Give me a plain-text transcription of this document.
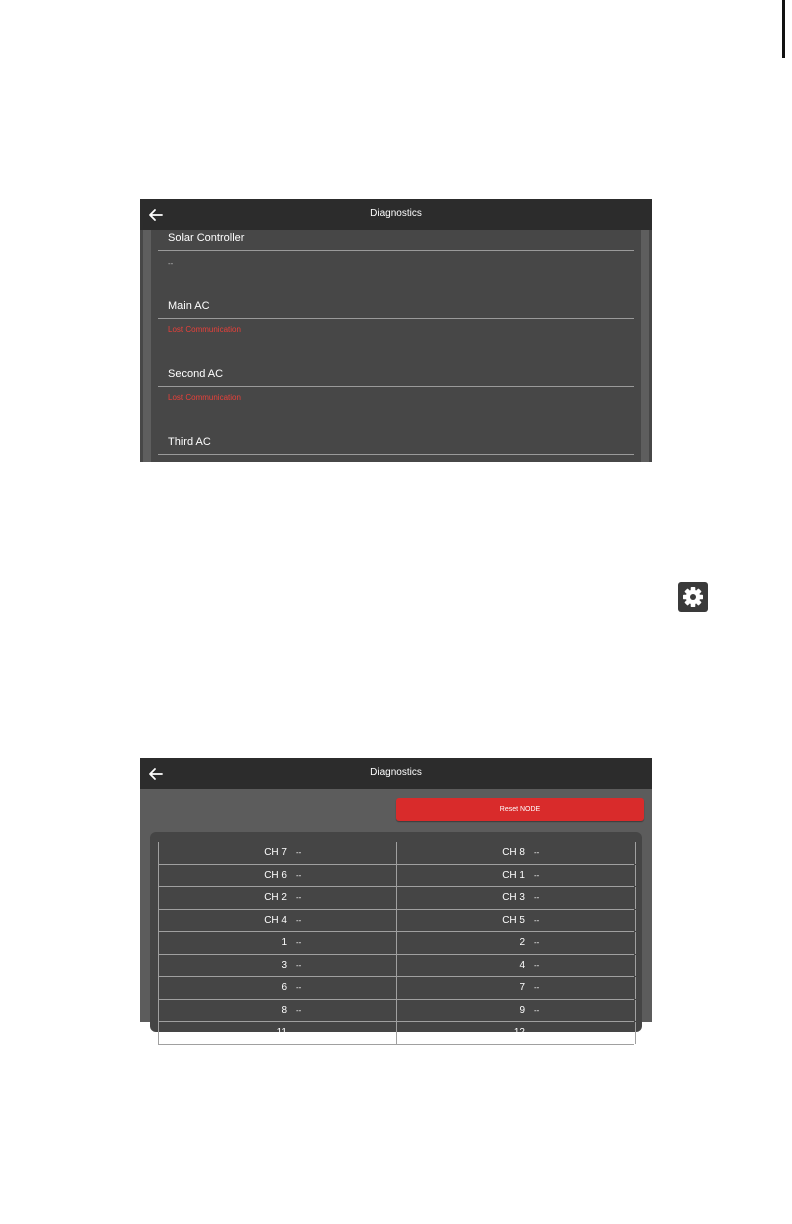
Diagnostics
Solar Controller
--
Main AC
Lost Communication
Second AC
Lost Communication
Third AC
Diagnostics
Reset NODE
CH 7 --	CH 8 --
CH 6 --	CH 1 --
CH 2 --	CH 3 --
CH 4 --	CH 5 --
1 --	2 --
3 --	4 --
6 --	7 --
8 --	9 --
11 --	12 --
